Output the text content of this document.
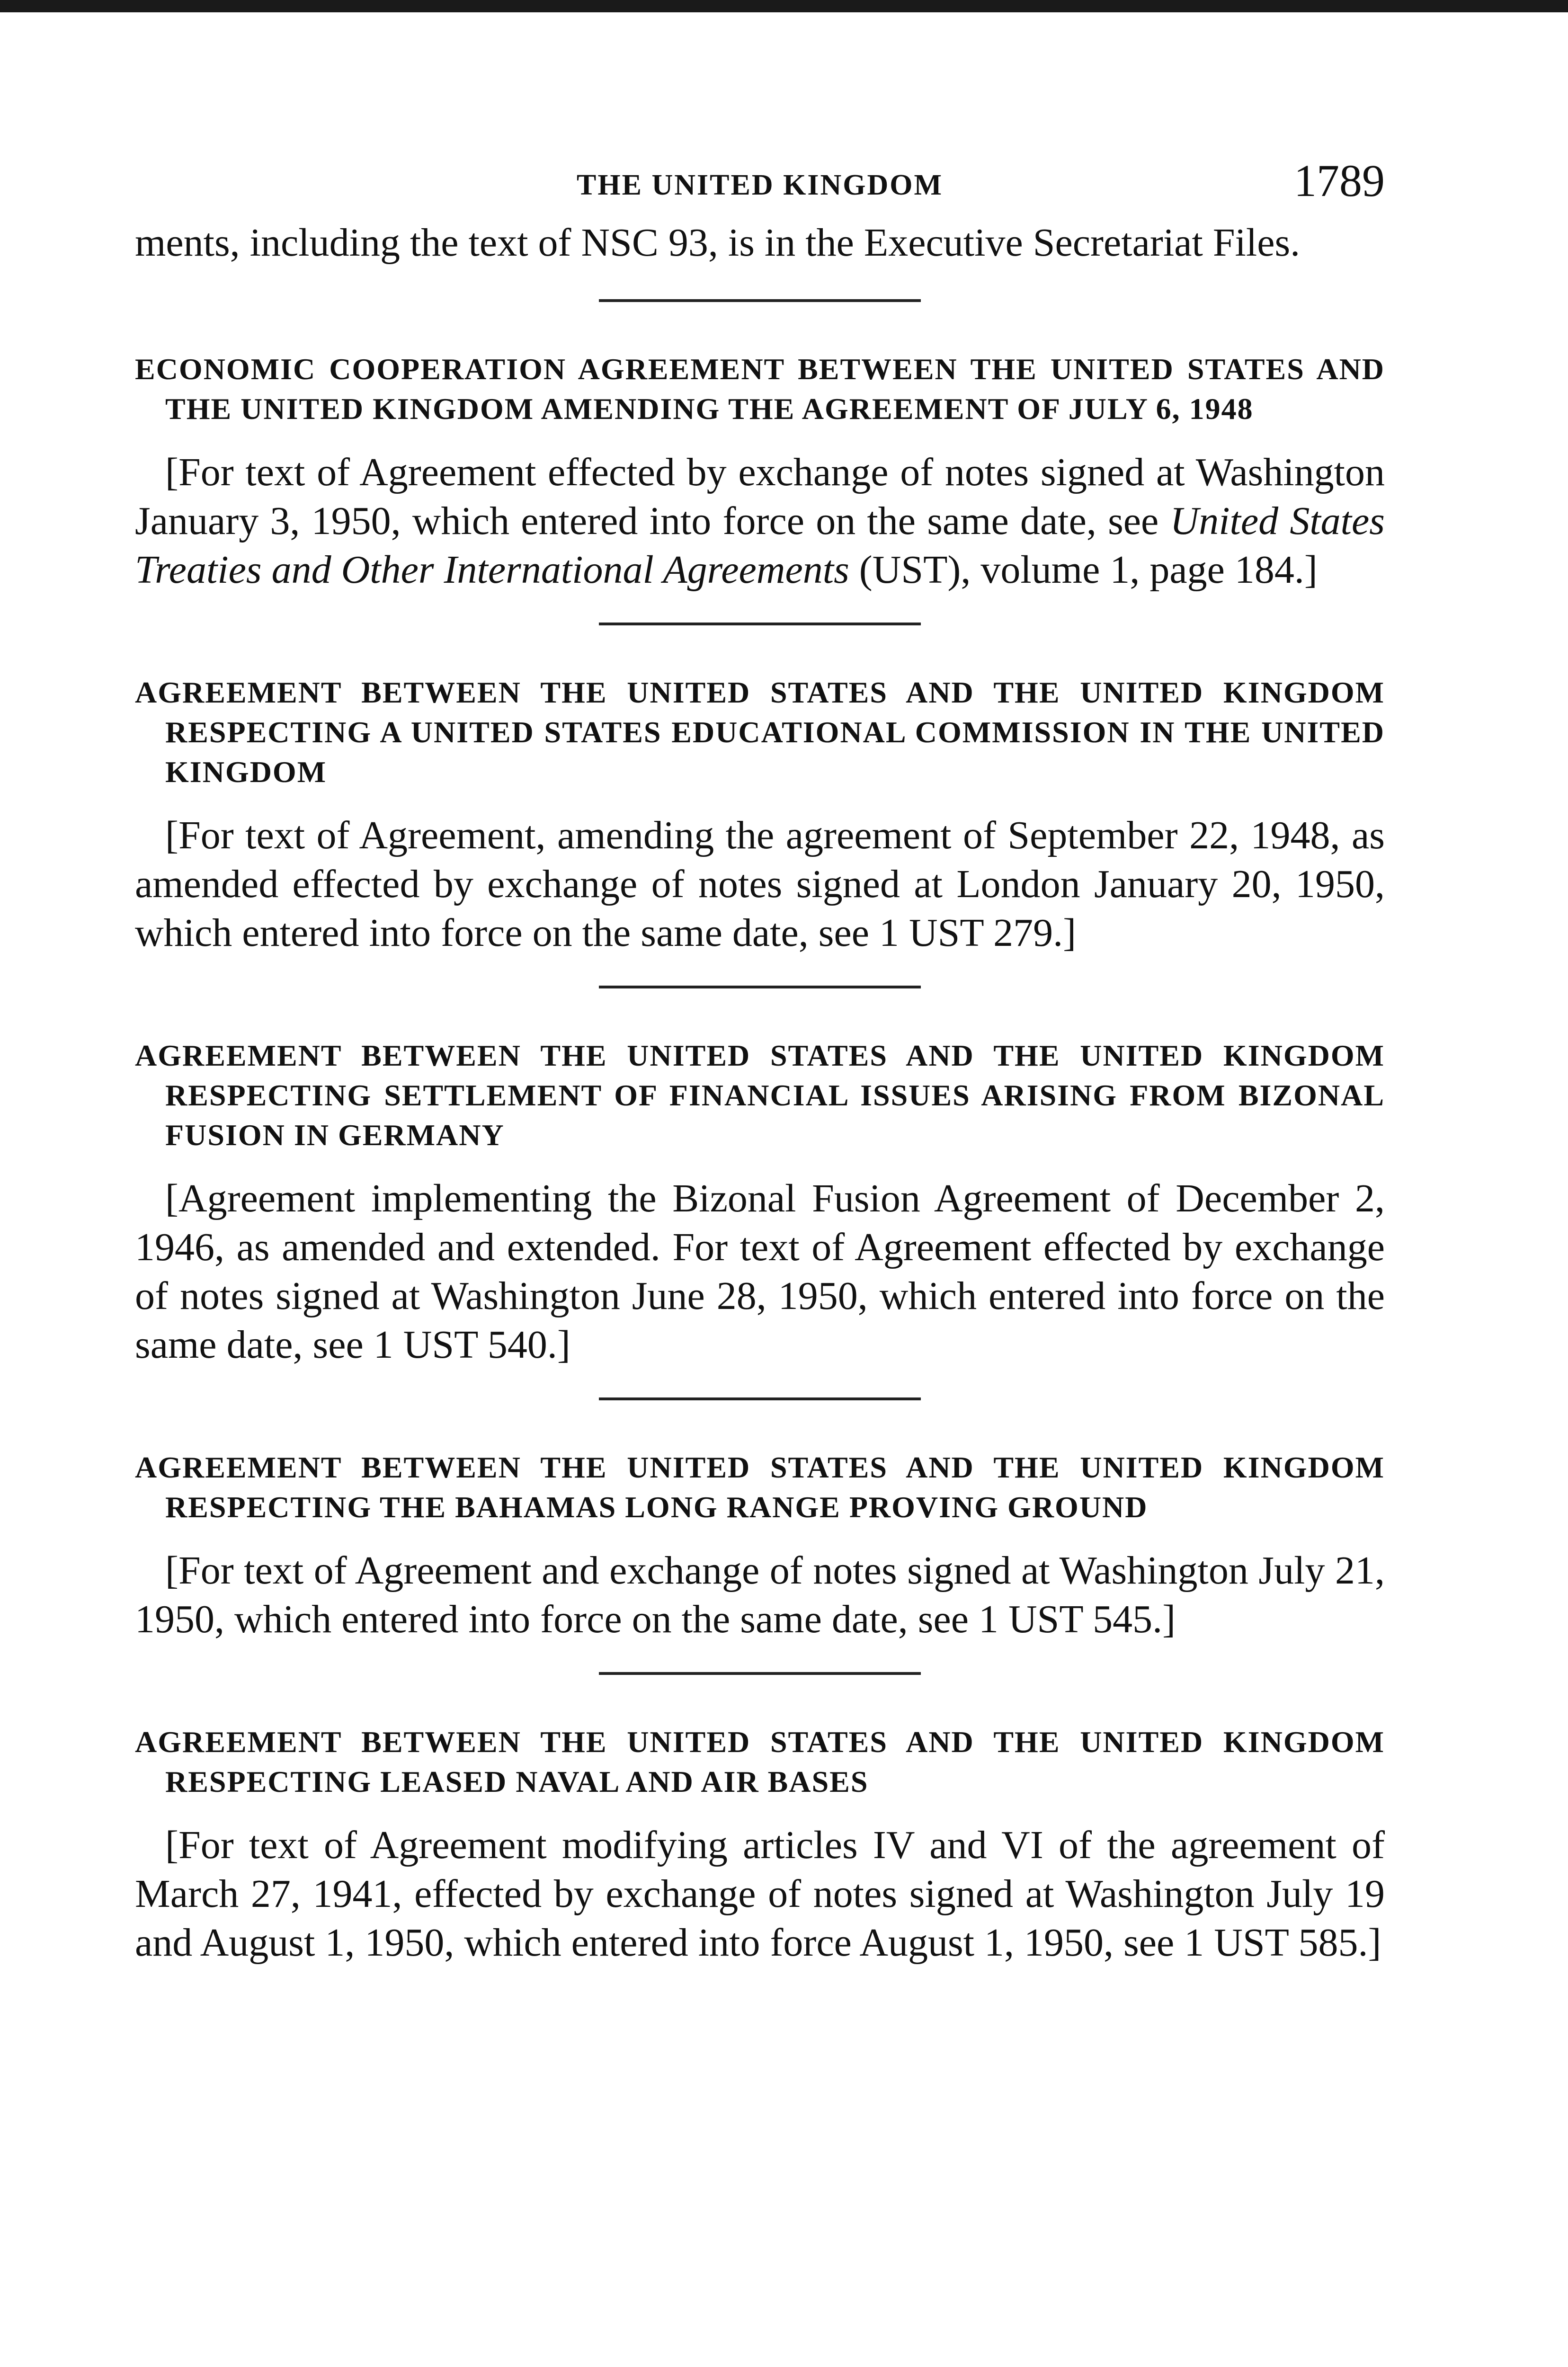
THE UNITED KINGDOM	1789

ments, including the text of NSC 93, is in the Executive Secretariat Files.

ECONOMIC COOPERATION AGREEMENT BETWEEN THE UNITED STATES AND THE UNITED KINGDOM AMENDING THE AGREEMENT OF JULY 6, 1948

[For text of Agreement effected by exchange of notes signed at Washington January 3, 1950, which entered into force on the same date, see United States Treaties and Other International Agreements (UST), volume 1, page 184.]

AGREEMENT BETWEEN THE UNITED STATES AND THE UNITED KINGDOM RESPECTING A UNITED STATES EDUCATIONAL COMMISSION IN THE UNITED KINGDOM

[For text of Agreement, amending the agreement of September 22, 1948, as amended effected by exchange of notes signed at London January 20, 1950, which entered into force on the same date, see 1 UST 279.]

AGREEMENT BETWEEN THE UNITED STATES AND THE UNITED KINGDOM RESPECTING SETTLEMENT OF FINANCIAL ISSUES ARISING FROM BIZONAL FUSION IN GERMANY

[Agreement implementing the Bizonal Fusion Agreement of December 2, 1946, as amended and extended. For text of Agreement effected by exchange of notes signed at Washington June 28, 1950, which entered into force on the same date, see 1 UST 540.]

AGREEMENT BETWEEN THE UNITED STATES AND THE UNITED KINGDOM RESPECTING THE BAHAMAS LONG RANGE PROVING GROUND

[For text of Agreement and exchange of notes signed at Washington July 21, 1950, which entered into force on the same date, see 1 UST 545.]

AGREEMENT BETWEEN THE UNITED STATES AND THE UNITED KINGDOM RESPECTING LEASED NAVAL AND AIR BASES

[For text of Agreement modifying articles IV and VI of the agreement of March 27, 1941, effected by exchange of notes signed at Washington July 19 and August 1, 1950, which entered into force August 1, 1950, see 1 UST 585.]
